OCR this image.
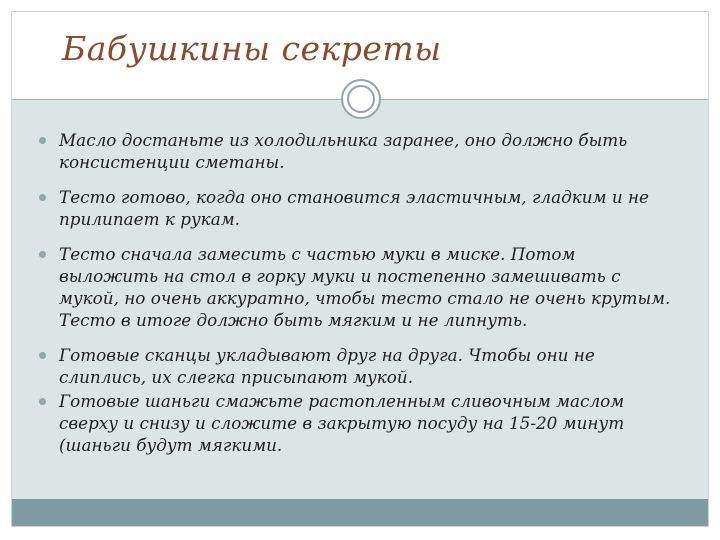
Бабушкины секреты
Масло достаньте из холодильника заранее, оно должно быть консистенции сметаны.
Тесто готово, когда оно становится эластичным, гладким и не прилипает к рукам.
Тесто сначала замесить с частью муки в миске. Потом выложить на стол в горку муки и постепенно замешивать с мукой, но очень аккуратно, чтобы тесто стало не очень крутым. Тесто в итоге должно быть мягким и не липнуть.
Готовые сканцы укладывают друг на друга. Чтобы они не слиплись, их слегка присыпают мукой.
Готовые шаньги смажьте растопленным сливочным маслом сверху и снизу и сложите в закрытую посуду на 15-20 минут (шаньги будут мягкими.
